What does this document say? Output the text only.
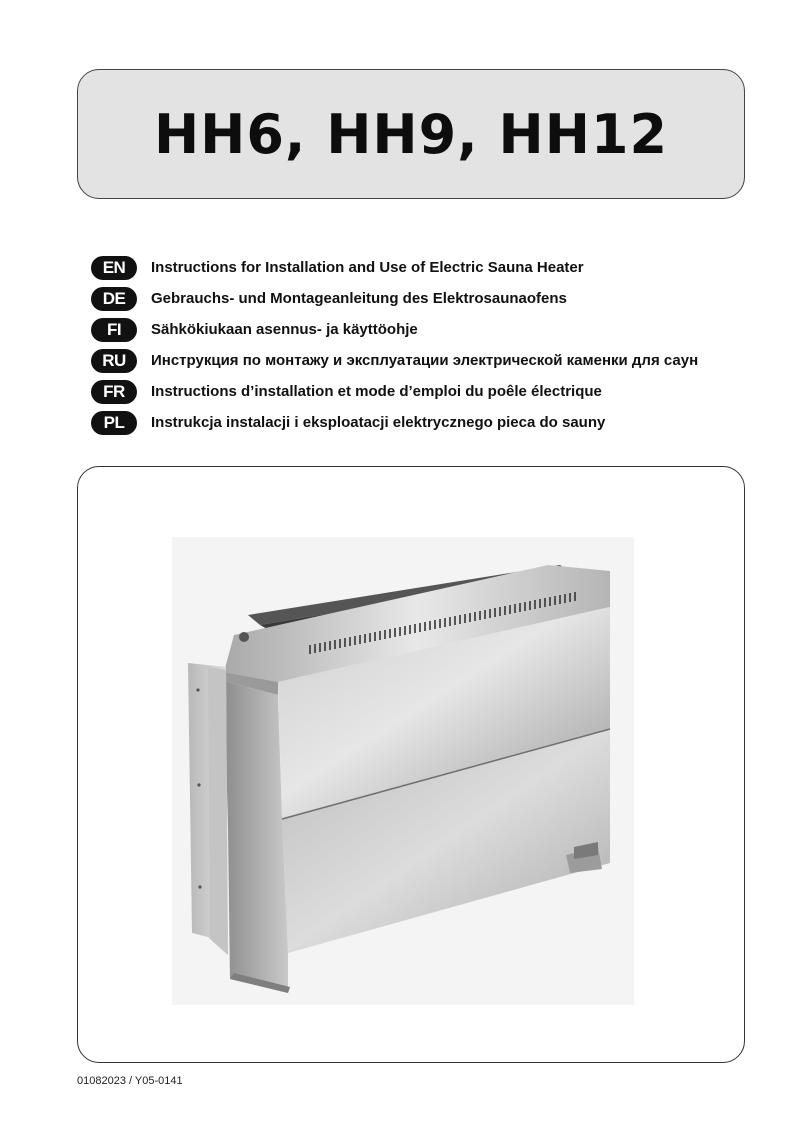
HH6, HH9, HH12
EN	Instructions for Installation and Use of Electric Sauna Heater
DE	Gebrauchs- und Montageanleitung des Elektrosaunaofens
FI	Sähkökiukaan asennus- ja käyttöohje
RU	Инструкция по монтажу и эксплуатации электрической каменки для саун
FR	Instructions d’installation et mode d’emploi du poêle électrique
PL	Instrukcja instalacji i eksploatacji elektrycznego pieca do sauny
01082023 / Y05-0141
